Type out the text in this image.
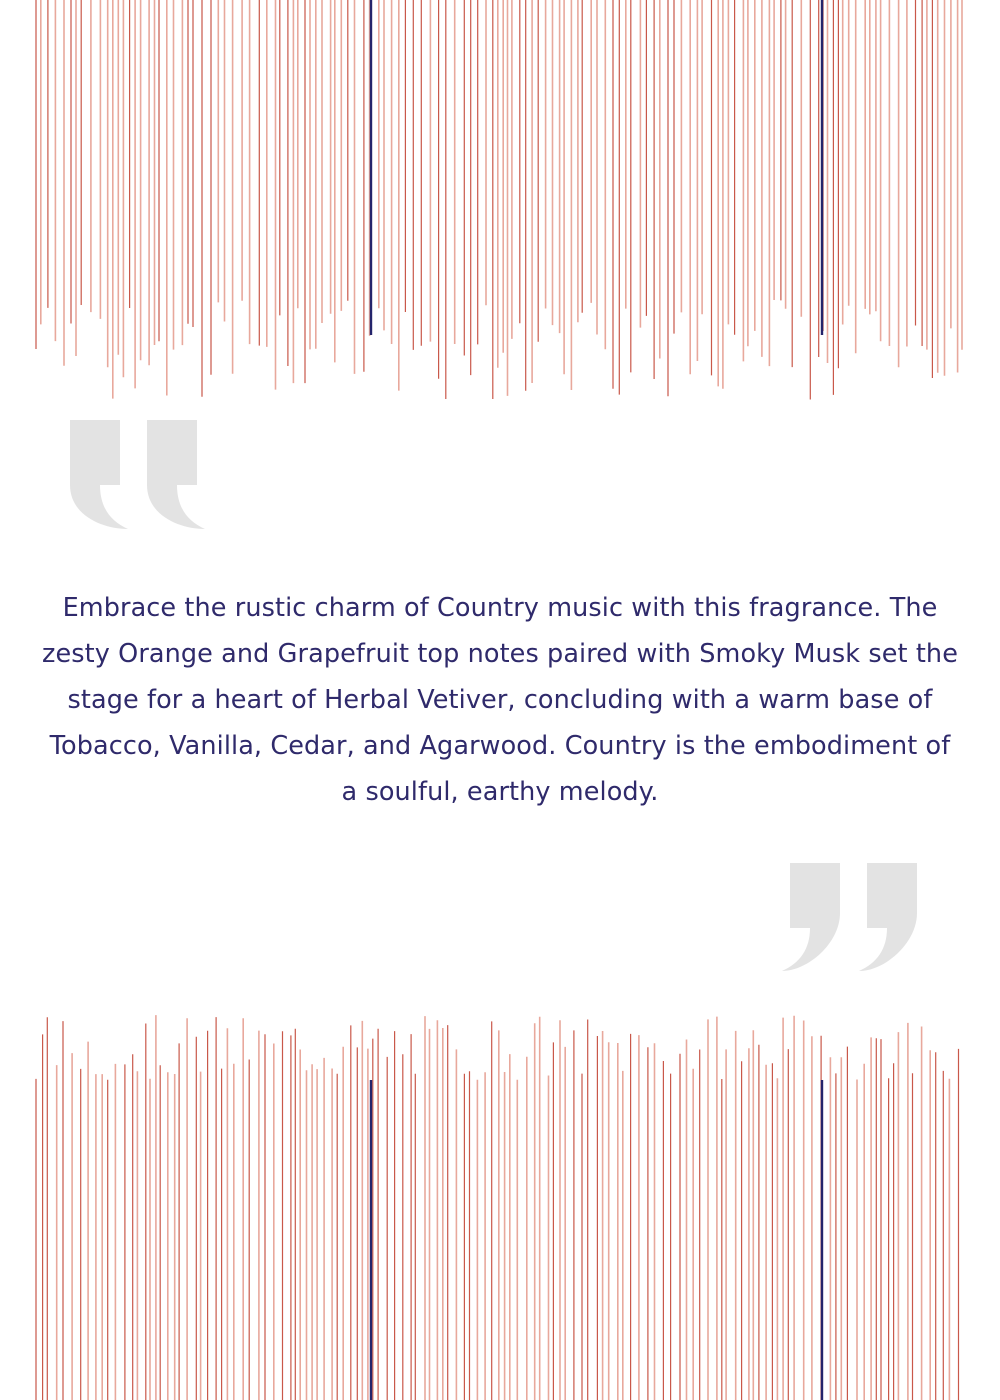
Embrace the rustic charm of Country music with this fragrance. The zesty Orange and Grapefruit top notes paired with Smoky Musk set the stage for a heart of Herbal Vetiver, concluding with a warm base of Tobacco, Vanilla, Cedar, and Agarwood. Country is the embodiment of a soulful, earthy melody.
